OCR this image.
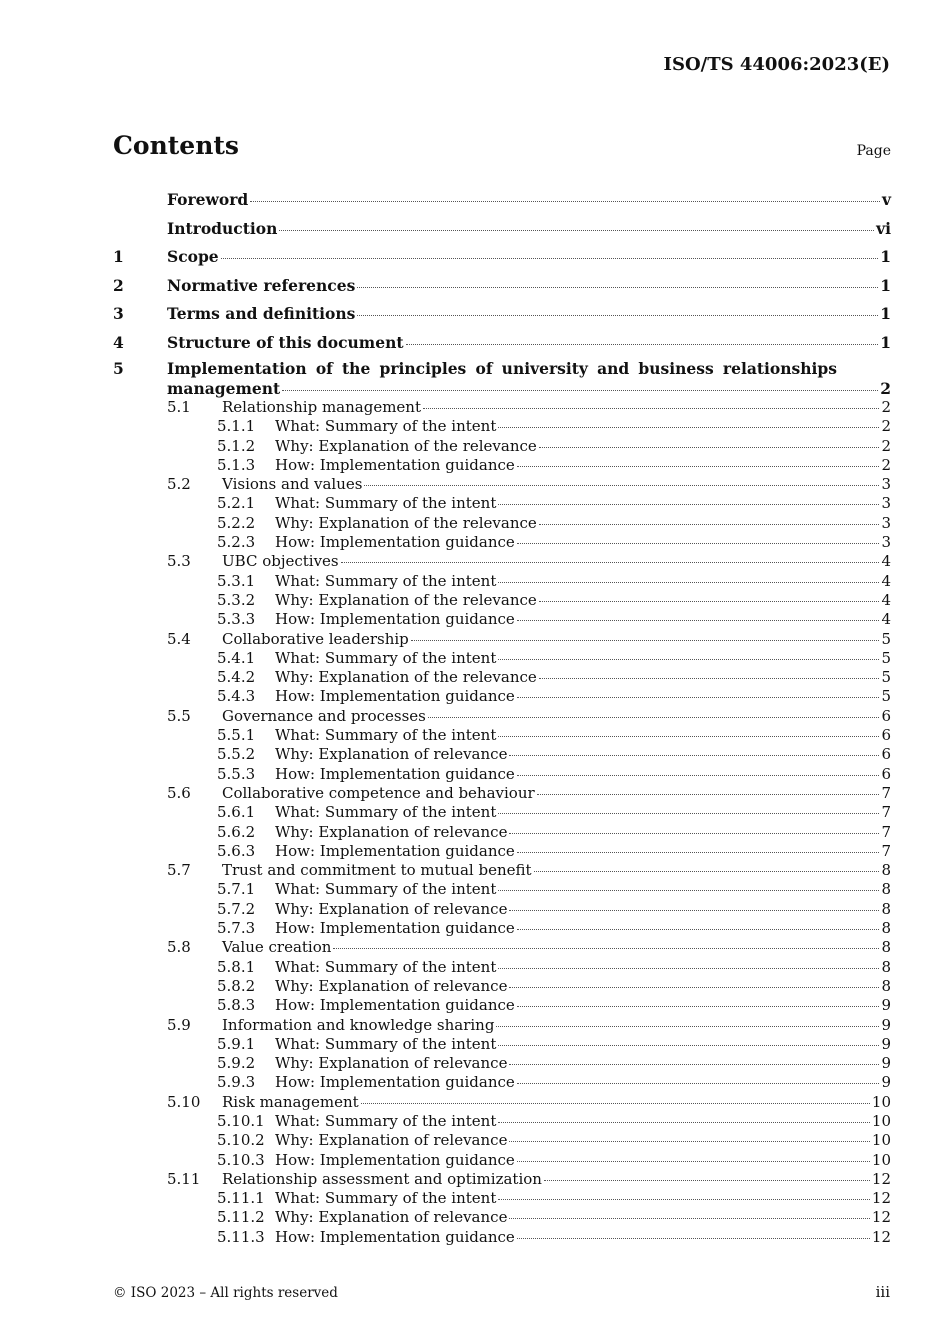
ISO/TS 44006:2023(E)
Contents	Page
Foreword	v
Introduction	vi
1	Scope	1
2	Normative references	1
3	Terms and definitions	1
4	Structure of this document	1
5	Implementation of the principles of university and business relationships
management	2
5.1	Relationship management	2
5.1.1	What: Summary of the intent	2
5.1.2	Why: Explanation of the relevance	2
5.1.3	How: Implementation guidance	2
5.2	Visions and values	3
5.2.1	What: Summary of the intent	3
5.2.2	Why: Explanation of the relevance	3
5.2.3	How: Implementation guidance	3
5.3	UBC objectives	4
5.3.1	What: Summary of the intent	4
5.3.2	Why: Explanation of the relevance	4
5.3.3	How: Implementation guidance	4
5.4	Collaborative leadership	5
5.4.1	What: Summary of the intent	5
5.4.2	Why: Explanation of the relevance	5
5.4.3	How: Implementation guidance	5
5.5	Governance and processes	6
5.5.1	What: Summary of the intent	6
5.5.2	Why: Explanation of relevance	6
5.5.3	How: Implementation guidance	6
5.6	Collaborative competence and behaviour	7
5.6.1	What: Summary of the intent	7
5.6.2	Why: Explanation of relevance	7
5.6.3	How: Implementation guidance	7
5.7	Trust and commitment to mutual benefit	8
5.7.1	What: Summary of the intent	8
5.7.2	Why: Explanation of relevance	8
5.7.3	How: Implementation guidance	8
5.8	Value creation	8
5.8.1	What: Summary of the intent	8
5.8.2	Why: Explanation of relevance	8
5.8.3	How: Implementation guidance	9
5.9	Information and knowledge sharing	9
5.9.1	What: Summary of the intent	9
5.9.2	Why: Explanation of relevance	9
5.9.3	How: Implementation guidance	9
5.10	Risk management	10
5.10.1 What: Summary of the intent	10
5.10.2 Why: Explanation of relevance	10
5.10.3 How: Implementation guidance	10
5.11	Relationship assessment and optimization	12
5.11.1 What: Summary of the intent	12
5.11.2 Why: Explanation of relevance	12
5.11.3 How: Implementation guidance	12
© ISO 2023 – All rights reserved	iii
